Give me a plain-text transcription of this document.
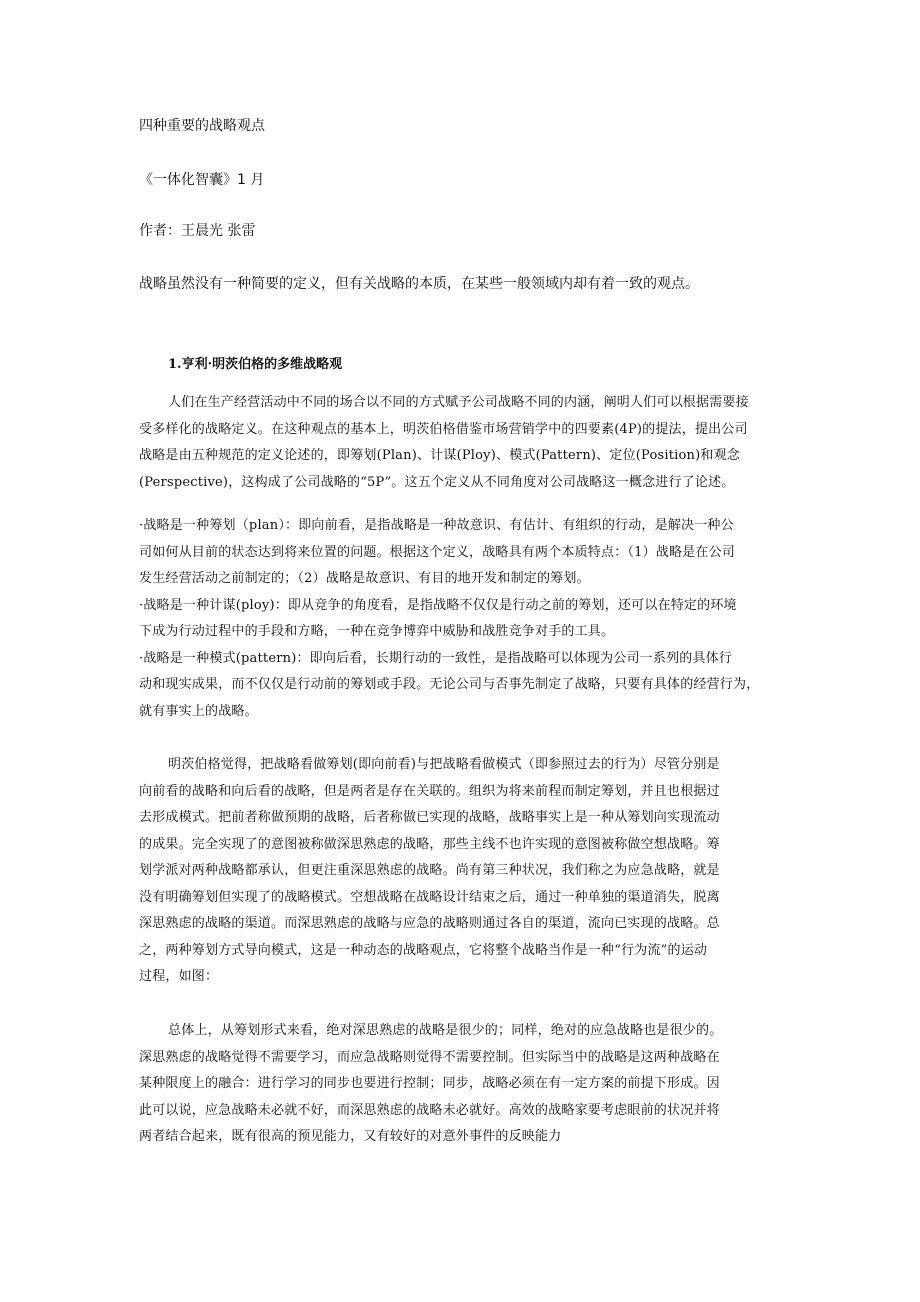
四种重要的战略观点
《一体化智囊》1 月
作者：王晨光 张雷
战略虽然没有一种简要的定义，但有关战略的本质，在某些一般领域内却有着一致的观点。
1.亨利·明茨伯格的多维战略观
人们在生产经营活动中不同的场合以不同的方式赋予公司战略不同的内涵，阐明人们可以根据需要接
受多样化的战略定义。在这种观点的基本上，明茨伯格借鉴市场营销学中的四要素(4P)的提法，提出公司
战略是由五种规范的定义论述的，即筹划(Plan)、计谋(Ploy)、模式(Pattern)、定位(Position)和观念
(Perspective)，这构成了公司战略的“5P”。这五个定义从不同角度对公司战略这一概念进行了论述。
·战略是一种筹划（plan）：即向前看，是指战略是一种故意识、有估计、有组织的行动，是解决一种公
司如何从目前的状态达到将来位置的问题。根据这个定义，战略具有两个本质特点：（1）战略是在公司
发生经营活动之前制定的；（2）战略是故意识、有目的地开发和制定的筹划。
·战略是一种计谋(ploy)：即从竞争的角度看，是指战略不仅仅是行动之前的筹划，还可以在特定的环境
下成为行动过程中的手段和方略，一种在竞争博弈中威胁和战胜竞争对手的工具。
·战略是一种模式(pattern)：即向后看，长期行动的一致性，是指战略可以体现为公司一系列的具体行
动和现实成果，而不仅仅是行动前的筹划或手段。无论公司与否事先制定了战略，只要有具体的经营行为，
就有事实上的战略。
明茨伯格觉得，把战略看做筹划(即向前看)与把战略看做模式（即参照过去的行为）尽管分别是
向前看的战略和向后看的战略，但是两者是存在关联的。组织为将来前程而制定筹划，并且也根据过
去形成模式。把前者称做预期的战略，后者称做已实现的战略，战略事实上是一种从筹划向实现流动
的成果。完全实现了的意图被称做深思熟虑的战略，那些主线不也许实现的意图被称做空想战略。筹
划学派对两种战略都承认，但更注重深思熟虑的战略。尚有第三种状况，我们称之为应急战略，就是
没有明确筹划但实现了的战略模式。空想战略在战略设计结束之后，通过一种单独的渠道消失，脱离
深思熟虑的战略的渠道。而深思熟虑的战略与应急的战略则通过各自的渠道，流向已实现的战略。总
之，两种筹划方式导向模式，这是一种动态的战略观点，它将整个战略当作是一种“行为流”的运动
过程，如图：
总体上，从筹划形式来看，绝对深思熟虑的战略是很少的；同样，绝对的应急战略也是很少的。
深思熟虑的战略觉得不需要学习，而应急战略则觉得不需要控制。但实际当中的战略是这两种战略在
某种限度上的融合：进行学习的同步也要进行控制；同步，战略必须在有一定方案的前提下形成。因
此可以说，应急战略未必就不好，而深思熟虑的战略未必就好。高效的战略家要考虑眼前的状况并将
两者结合起来，既有很高的预见能力，又有较好的对意外事件的反映能力
